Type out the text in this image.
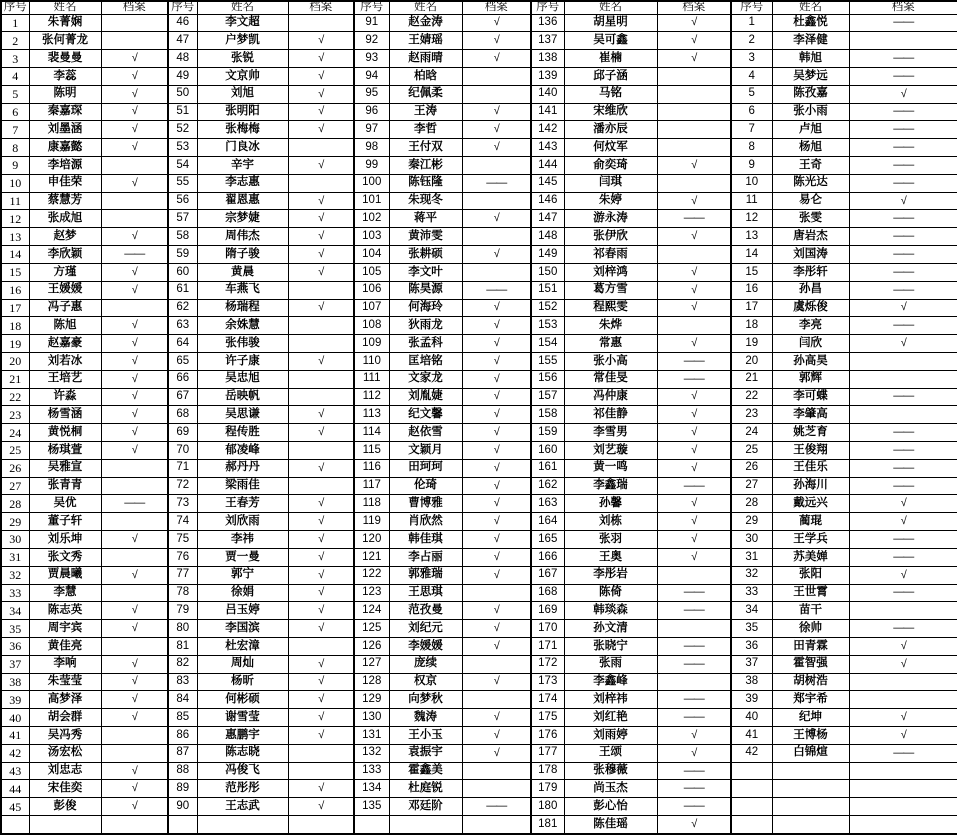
序号	姓名	档案	序号	姓名	档案	序号	姓名	档案	序号	姓名	档案	序号	姓名	档案
1	朱菁娴		46	李文超		91	赵金涛	√	136	胡星明	√	1	杜鑫悦	——
2	张何菁龙		47	户梦凯	√	92	王婧瑶	√	137	吴可鑫	√	2	李泽健	
3	裴曼曼	√	48	张锐	√	93	赵雨晴	√	138	崔楠	√	3	韩旭	——
4	李蕊	√	49	文京帅	√	94	柏晗		139	邱子涵		4	吴梦远	——
5	陈明	√	50	刘旭	√	95	纪佩柔		140	马铭		5	陈孜嘉	√
6	秦嘉琛	√	51	张明阳	√	96	王涛	√	141	宋维欣		6	张小雨	——
7	刘墨涵	√	52	张梅梅	√	97	李哲	√	142	潘亦辰		7	卢旭	——
8	康嘉懿	√	53	门良冰		98	王付双	√	143	何炆军		8	杨旭	——
9	李培源		54	辛宇	√	99	秦江彬		144	俞奕琦	√	9	王奇	——
10	申佳荣	√	55	李志惠		100	陈钰隆	——	145	闫琪		10	陈光达	——
11	蔡慧芳		56	翟恩惠	√	101	朱现冬		146	朱婷	√	11	易仑	√
12	张成旭		57	宗梦婕	√	102	蒋平	√	147	游永涛	——	12	张雯	——
13	赵梦	√	58	周伟杰	√	103	黄沛雯		148	张伊欣	√	13	唐岩杰	——
14	李欣颖	——	59	隋子骏	√	104	张耕硕	√	149	祁春雨		14	刘国涛	——
15	方瑾	√	60	黄晨	√	105	李文叶		150	刘梓鸿	√	15	李彤轩	——
16	王媛媛	√	61	车燕飞		106	陈昊源	——	151	葛方雪	√	16	孙昌	——
17	冯子惠		62	杨瑞程	√	107	何海玲	√	152	程熙雯	√	17	虞烁俊	√
18	陈旭	√	63	余姝慧		108	狄雨龙	√	153	朱烨		18	李亮	——
19	赵嘉豪	√	64	张伟骏		109	张孟科	√	154	常惠	√	19	闫欣	√
20	刘若冰	√	65	许子康	√	110	匡培铭	√	155	张小高	——	20	孙高昊	
21	王培艺	√	66	吴忠旭		111	文家龙	√	156	常佳旻	——	21	郭辉	
22	许淼	√	67	岳映帆		112	刘胤婕	√	157	冯仲康	√	22	李可蝶	——
23	杨雪涵	√	68	吴思谦	√	113	纪文馨	√	158	祁佳静	√	23	李肇高	
24	黄悦桐	√	69	程传胜	√	114	赵依雪	√	159	李雪男	√	24	姚芝育	——
25	杨琪萱	√	70	郁凌峰		115	文颖月	√	160	刘艺璇	√	25	王俊翔	——
26	吴雅宣		71	郝丹丹	√	116	田珂珂	√	161	黄一鸣	√	26	王佳乐	——
27	张青青		72	梁雨佳		117	伦琦	√	162	李鑫瑞	——	27	孙海川	——
28	吴优	——	73	王春芳	√	118	曹博雅	√	163	孙馨	√	28	戴远兴	√
29	董子轩		74	刘欣雨	√	119	肖欣然	√	164	刘栋	√	29	蔺琨	√
30	刘乐坤	√	75	李祎	√	120	韩佳琪	√	165	张羽	√	30	王学兵	——
31	张文秀		76	贾一曼	√	121	李占丽	√	166	王奥	√	31	苏美婵	——
32	贾晨曦	√	77	郭宁	√	122	郭雅瑞	√	167	李彤岩		32	张阳	√
33	李慧		78	徐娟	√	123	王思琪		168	陈倚	——	33	王世霄	——
34	陈志英	√	79	吕玉婷	√	124	范孜曼	√	169	韩琰森	——	34	苗干	
35	周宇宾	√	80	李国滨	√	125	刘纪元	√	170	孙文清		35	徐帅	——
36	黄佳亮		81	杜宏漳		126	李媛媛	√	171	张晓宁	——	36	田青霖	√
37	李响	√	82	周灿	√	127	庞续		172	张雨	——	37	霍智强	√
38	朱莹莹	√	83	杨昕	√	128	权京	√	173	李鑫峰		38	胡树浩	
39	高梦泽	√	84	何彬硕	√	129	向梦秋		174	刘梓祎	——	39	郑宇希	
40	胡会群	√	85	谢雪莹	√	130	魏涛	√	175	刘红艳	——	40	纪坤	√
41	吴冯秀		86	惠鹏宇	√	131	王小玉	√	176	刘雨婷	√	41	王博杨	√
42	汤宏松		87	陈志晓		132	袁振宇	√	177	王颂	√	42	白锦煊	——
43	刘忠志	√	88	冯俊飞		133	霍鑫美		178	张穆薇	——			
44	宋佳奕	√	89	范彤彤	√	134	杜庭锐		179	尚玉杰	——			
45	彭俊	√	90	王志武	√	135	邓廷阶	——	180	彭心怡	——			
									181	陈佳瑶	√			
